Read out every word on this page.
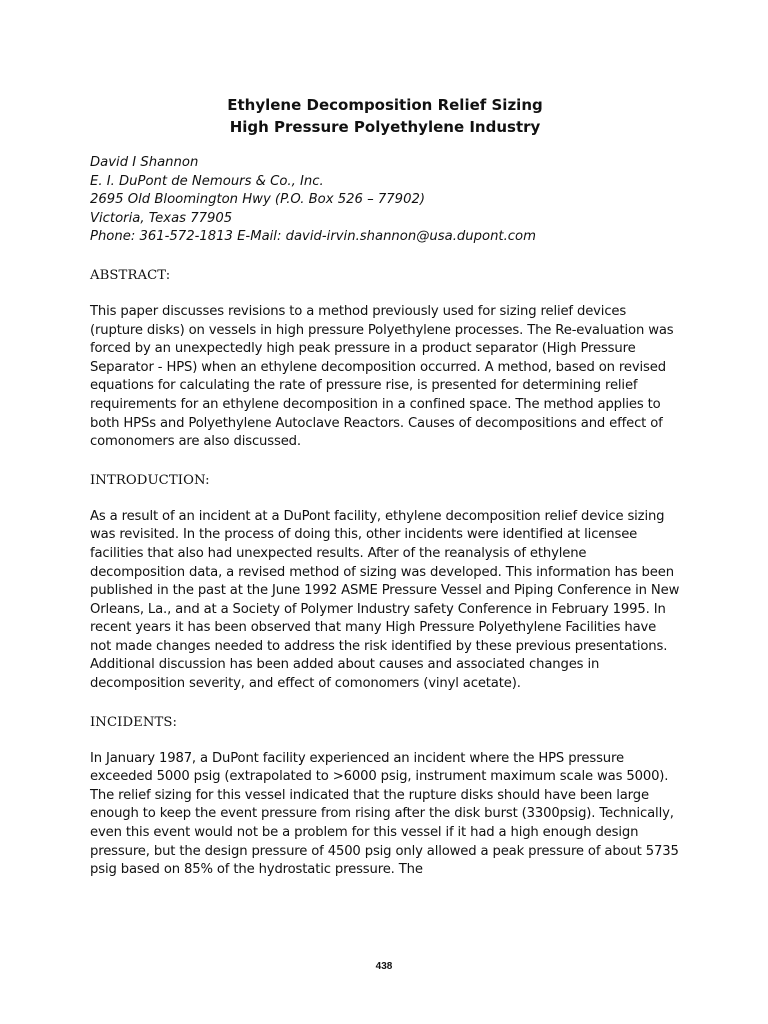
Ethylene Decomposition Relief Sizing
High Pressure Polyethylene Industry
David I Shannon
E. I. DuPont de Nemours & Co., Inc.
2695 Old Bloomington Hwy (P.O. Box 526 – 77902)
Victoria, Texas 77905
Phone: 361-572-1813 E-Mail: david-irvin.shannon@usa.dupont.com
ABSTRACT:

This paper discusses revisions to a method previously used for sizing relief devices (rupture disks) on vessels in high pressure Polyethylene processes. The Re-evaluation was forced by an unexpectedly high peak pressure in a product separator (High Pressure Separator - HPS) when an ethylene decomposition occurred. A method, based on revised equations for calculating the rate of pressure rise, is presented for determining relief requirements for an ethylene decomposition in a confined space. The method applies to both HPSs and Polyethylene Autoclave Reactors. Causes of decompositions and effect of comonomers are also discussed.

INTRODUCTION:

As a result of an incident at a DuPont facility, ethylene decomposition relief device sizing was revisited. In the process of doing this, other incidents were identified at licensee facilities that also had unexpected results. After of the reanalysis of ethylene decomposition data, a revised method of sizing was developed. This information has been published in the past at the June 1992 ASME Pressure Vessel and Piping Conference in New Orleans, La., and at a Society of Polymer Industry safety Conference in February 1995. In recent years it has been observed that many High Pressure Polyethylene Facilities have not made changes needed to address the risk identified by these previous presentations. Additional discussion has been added about causes and associated changes in decomposition severity, and effect of comonomers (vinyl acetate).

INCIDENTS:

In January 1987, a DuPont facility experienced an incident where the HPS pressure exceeded 5000 psig (extrapolated to >6000 psig, instrument maximum scale was 5000). The relief sizing for this vessel indicated that the rupture disks should have been large enough to keep the event pressure from rising after the disk burst (3300psig). Technically, even this event would not be a problem for this vessel if it had a high enough design pressure, but the design pressure of 4500 psig only allowed a peak pressure of about 5735 psig based on 85% of the hydrostatic pressure. The

438
